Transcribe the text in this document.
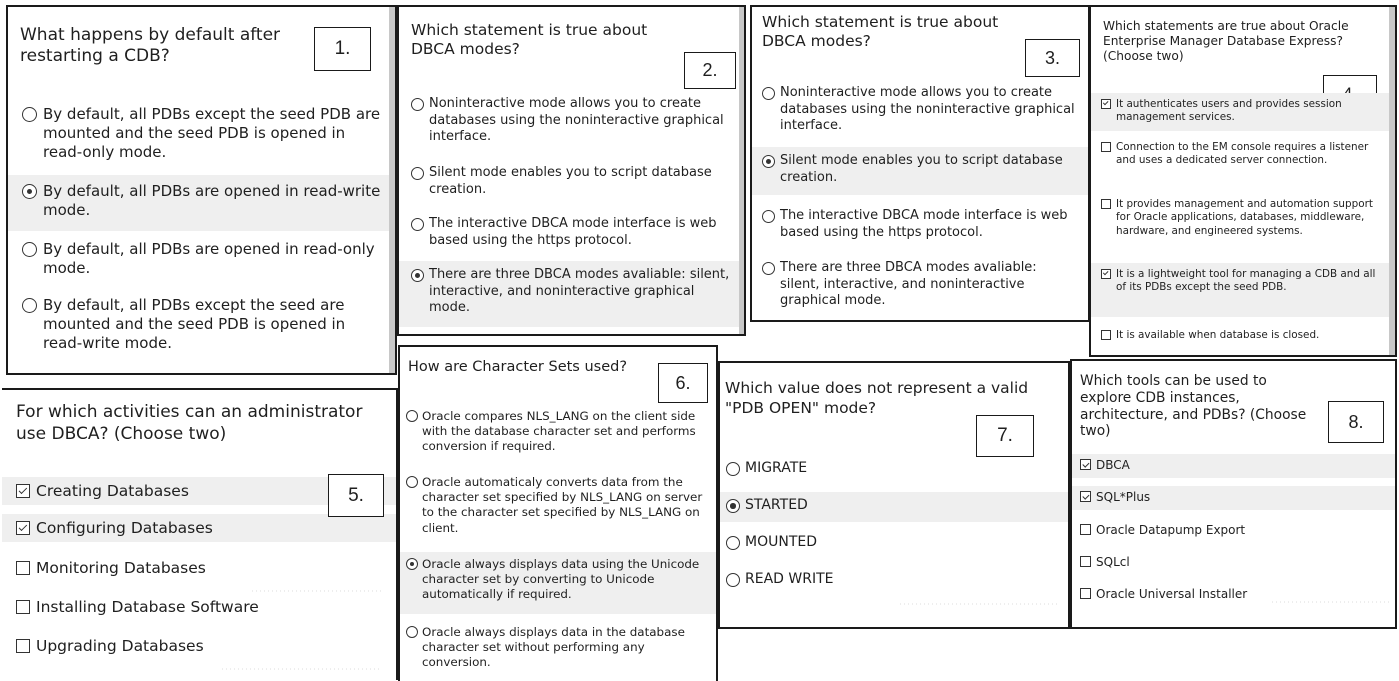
What happens by default after restarting a CDB?	1.
By default, all PDBs except the seed PDB are mounted and the seed PDB is opened in read-only mode.
By default, all PDBs are opened in read-write mode.
By default, all PDBs are opened in read-only mode.
By default, all PDBs except the seed are mounted and the seed PDB is opened in read-write mode.
Which statement is true about DBCA modes?
2.
Noninteractive mode allows you to create databases using the noninteractive graphical interface.
Silent mode enables you to script database creation.
The interactive DBCA mode interface is web based using the https protocol.
There are three DBCA modes avaliable: silent, interactive, and noninteractive graphical mode.
Which statement is true about DBCA modes?
3.
Noninteractive mode allows you to create databases using the noninteractive graphical interface.
Silent mode enables you to script database creation.
The interactive DBCA mode interface is web based using the https protocol.
There are three DBCA modes avaliable: silent, interactive, and noninteractive graphical mode.
Which statements are true about Oracle Enterprise Manager Database Express? (Choose two)
It authenticates users and provides session management services.
Connection to the EM console requires a listener and uses a dedicated server connection.
It provides management and automation support for Oracle applications, databases, middleware, hardware, and engineered systems.
It is a lightweight tool for managing a CDB and all of its PDBs except the seed PDB.
It is available when database is closed.
For which activities can an administrator use DBCA? (Choose two)
Creating Databases
Configuring Databases
Monitoring Databases
Installing Database Software
Upgrading Databases
5.
How are Character Sets used?
6.
Oracle compares NLS_LANG on the client side with the database character set and performs conversion if required.
Oracle automaticaly converts data from the character set specified by NLS_LANG on server to the character set specified by NLS_LANG on client.
Oracle always displays data using the Unicode character set by converting to Unicode automatically if required.
Oracle always displays data in the database character set without performing any conversion.
Which value does not represent a valid "PDB OPEN" mode?
7.
MIGRATE
STARTED
MOUNTED
READ WRITE
Which tools can be used to explore CDB instances, architecture, and PDBs? (Choose two)	8.
DBCA
SQL*Plus
Oracle Datapump Export
SQLcl
Oracle Universal Installer
